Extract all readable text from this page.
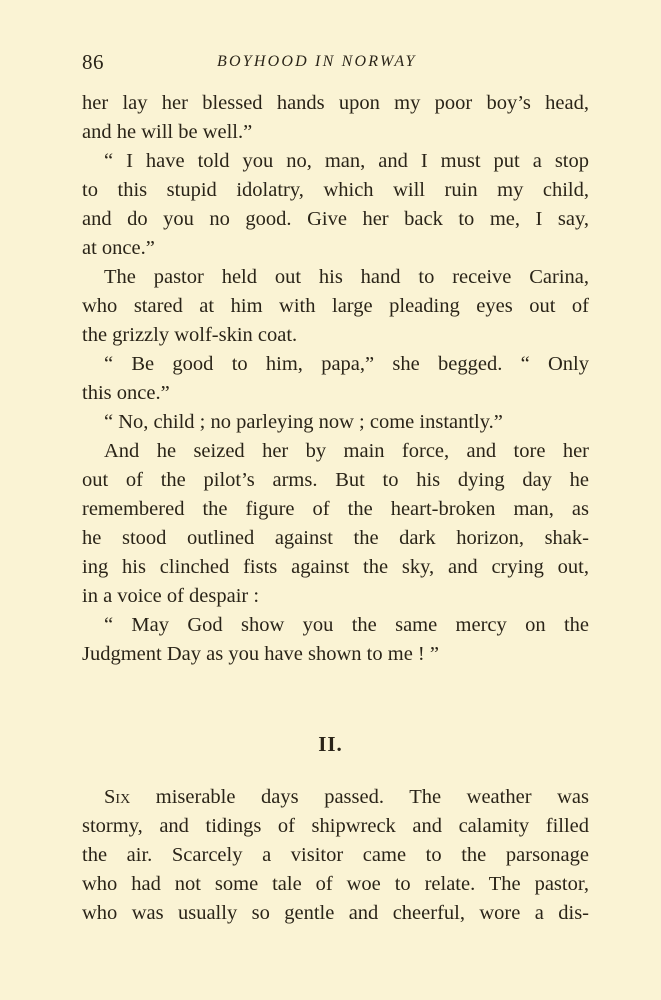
86	BOYHOOD IN NORWAY
her lay her blessed hands upon my poor boy’s head,
and he will be well.”
“ I have told you no, man, and I must put a stop
to this stupid idolatry, which will ruin my child,
and do you no good. Give her back to me, I say,
at once.”
The pastor held out his hand to receive Carina,
who stared at him with large pleading eyes out of
the grizzly wolf-skin coat.
“ Be good to him, papa,” she begged. “ Only
this once.”
“ No, child ; no parleying now ; come instantly.”
And he seized her by main force, and tore her
out of the pilot’s arms. But to his dying day he
remembered the figure of the heart-broken man, as
he stood outlined against the dark horizon, shak-
ing his clinched fists against the sky, and crying out,
in a voice of despair :
“ May God show you the same mercy on the
Judgment Day as you have shown to me ! ”
II.
Six miserable days passed. The weather was
stormy, and tidings of shipwreck and calamity filled
the air. Scarcely a visitor came to the parsonage
who had not some tale of woe to relate. The pastor,
who was usually so gentle and cheerful, wore a dis-
